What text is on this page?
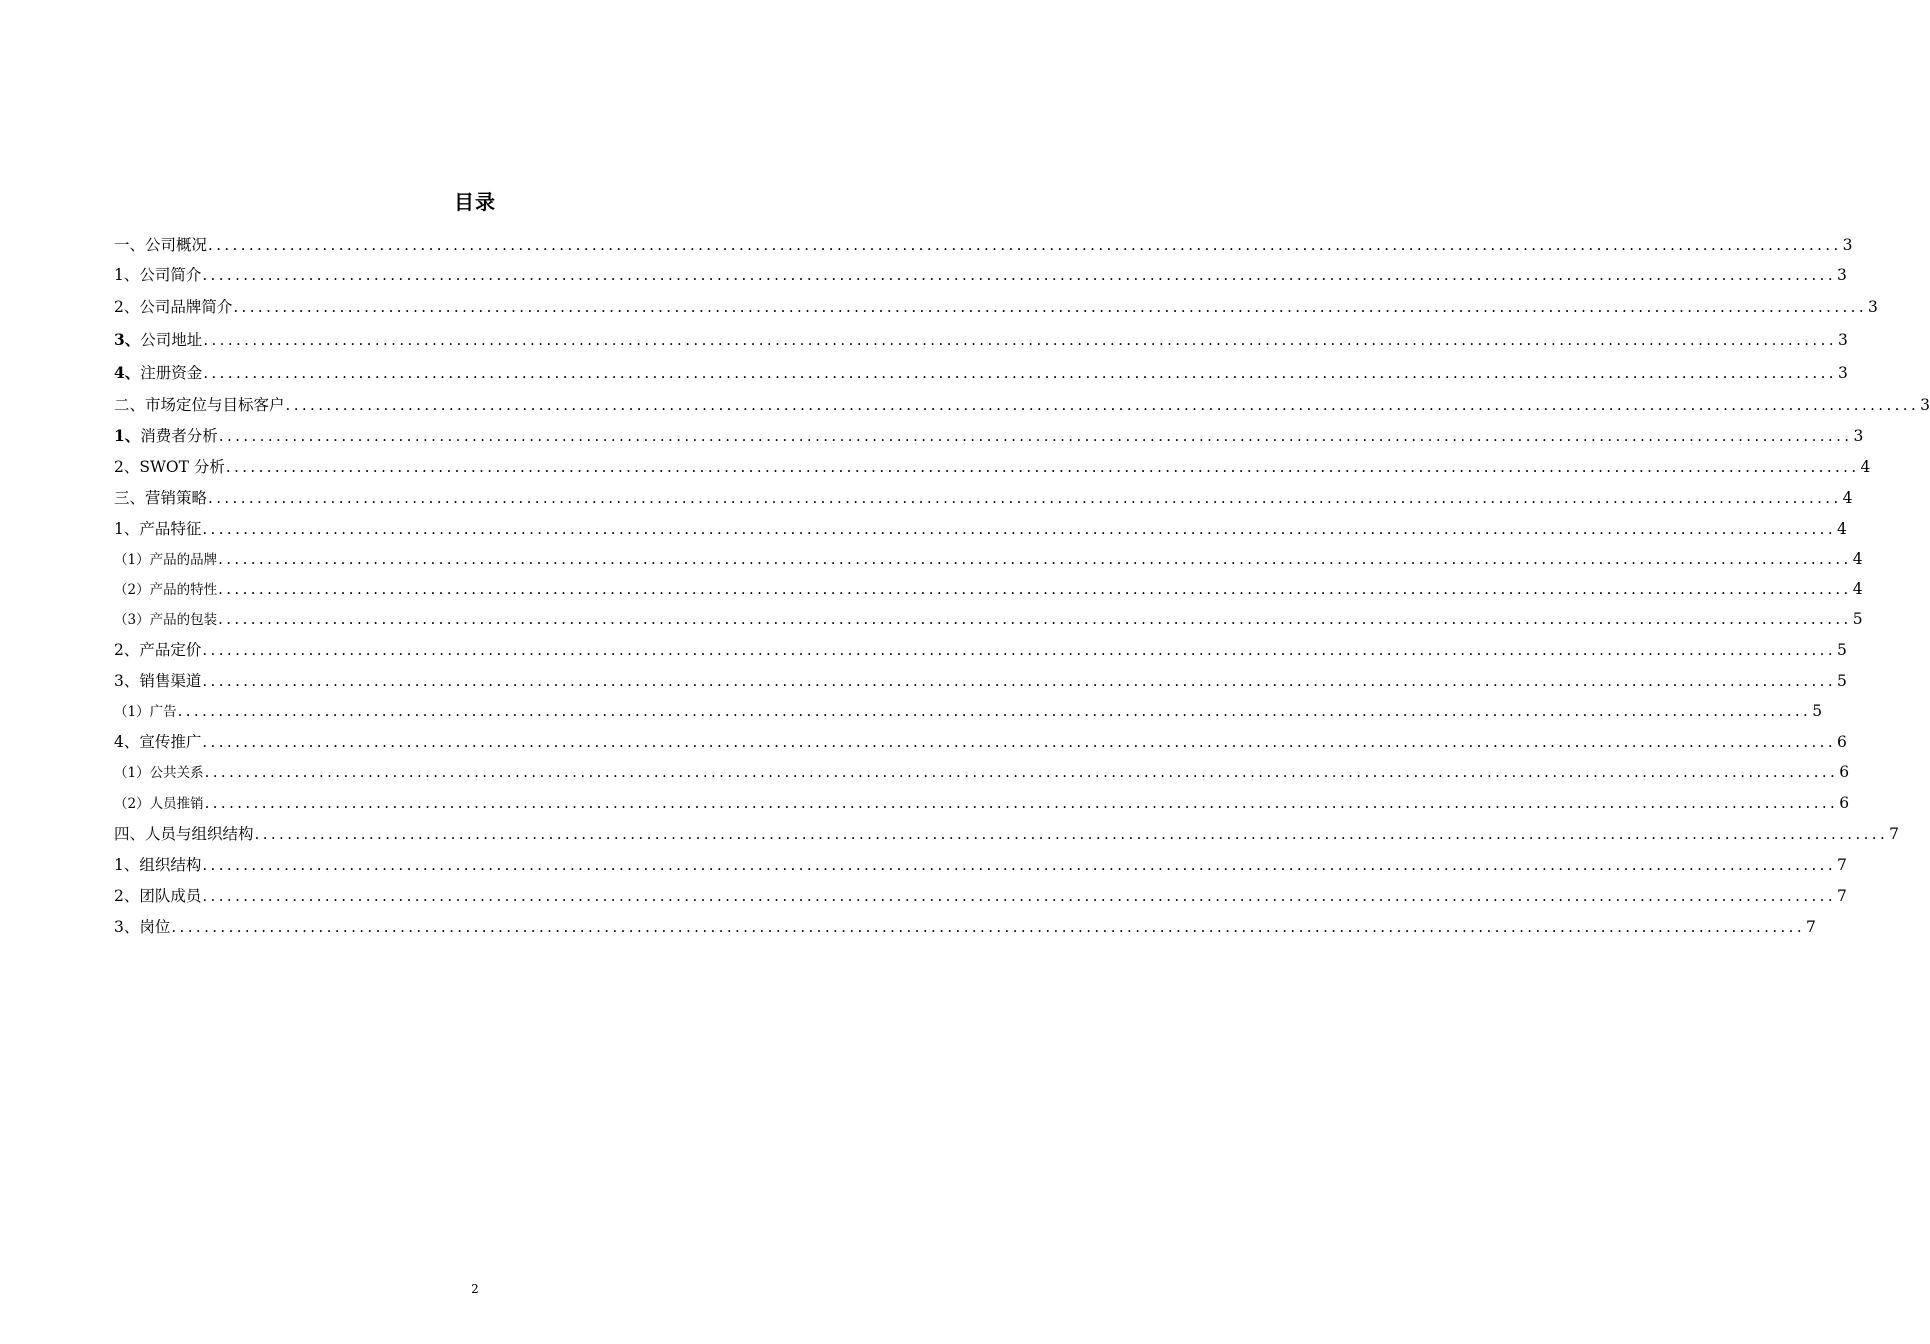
目录
一、公司概况 ........................................................................................................................................................................................................ 3
1、公司简介 ........................................................................................................................................................................................................ 3
2、公司品牌简介 ........................................................................................................................................................................................................ 3
3、公司地址 ........................................................................................................................................................................................................ 3
4、注册资金 ........................................................................................................................................................................................................ 3
二、市场定位与目标客户 ........................................................................................................................................................................................................ 3
1、消费者分析 ........................................................................................................................................................................................................ 3
2、SWOT 分析 ........................................................................................................................................................................................................ 4
三、营销策略 ........................................................................................................................................................................................................ 4
1、产品特征 ........................................................................................................................................................................................................ 4
（1）产品的品牌 ........................................................................................................................................................................................................ 4
（2）产品的特性 ........................................................................................................................................................................................................ 4
（3）产品的包装 ........................................................................................................................................................................................................ 5
2、产品定价 ........................................................................................................................................................................................................ 5
3、销售渠道 ........................................................................................................................................................................................................ 5
（1）广告 ........................................................................................................................................................................................................ 5
4、宣传推广 ........................................................................................................................................................................................................ 6
（1）公共关系 ........................................................................................................................................................................................................ 6
（2）人员推销 ........................................................................................................................................................................................................ 6
四、人员与组织结构 ........................................................................................................................................................................................................ 7
1、组织结构 ........................................................................................................................................................................................................ 7
2、团队成员 ........................................................................................................................................................................................................ 7
3、岗位 ........................................................................................................................................................................................................ 7
2
